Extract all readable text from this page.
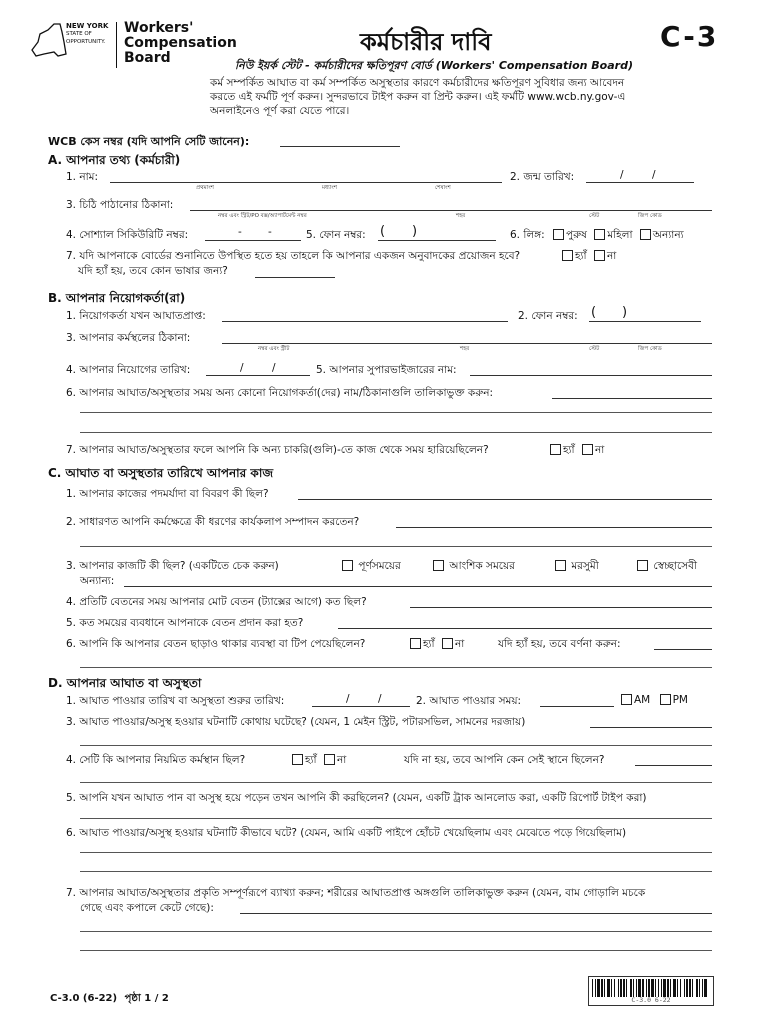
NEW YORK
STATE OF
OPPORTUNITY.
Workers'
Compensation
Board
কর্মচারীর দাবি	C-3
নিউ ইয়র্ক স্টেট - কর্মচারীদের ক্ষতিপূরণ বোর্ড (Workers' Compensation Board)
কর্ম সম্পর্কিত আঘাত বা কর্ম সম্পর্কিত অসুস্থতার কারণে কর্মচারীদের ক্ষতিপূরণ সুবিধার জন্য আবেদন
করতে এই ফর্মটি পূর্ণ করুন। সুন্দরভাবে টাইপ করুন বা প্রিন্ট করুন। এই ফর্মটি www.wcb.ny.gov-এ
অনলাইনেও পূর্ণ করা যেতে পারে।
WCB কেস নম্বর (যদি আপনি সেটি জানেন):
A. আপনার তথ্য (কর্মচারী)
1. নাম:
প্রথমাংশ	মধ্যাংশ	শেষাংশ
2. জন্ম তারিখ:	/	/
3. চিঠি পাঠানোর ঠিকানা:
নম্বর এবং স্ট্রিট/PO বক্স/অ্যাপার্টমেন্ট নম্বর	শহর	স্টেট	জিপ কোড
4. সোশ্যাল সিকিউরিটি নম্বর:	- -	5. ফোন নম্বর: ( )	6. লিঙ্গ:	পুরুষ মহিলা অন্যান্য
7. যদি আপনাকে বোর্ডের শুনানিতে উপস্থিত হতে হয় তাহলে কি আপনার একজন অনুবাদকের প্রয়োজন হবে?	হ্যাঁ না
যদি হ্যাঁ হয়, তবে কোন ভাষার জন্য?
B. আপনার নিয়োগকর্তা(রা)
1. নিয়োগকর্তা যখন আঘাতপ্রাপ্ত:	2. ফোন নম্বর: ( )
3. আপনার কর্মস্থলের ঠিকানা:
নম্বর এবং স্ট্রীট	শহর	স্টেট	জিপ কোড
4. আপনার নিয়োগের তারিখ:	/	/	5. আপনার সুপারভাইজারের নাম:
6. আপনার আঘাত/অসুস্থতার সময় অন্য কোনো নিয়োগকর্তা(দের) নাম/ঠিকানাগুলি তালিকাভুক্ত করুন:
7. আপনার আঘাত/অসুস্থতার ফলে আপনি কি অন্য চাকরি(গুলি)-তে কাজ থেকে সময় হারিয়েছিলেন?	হ্যাঁ না
C. আঘাত বা অসুস্থতার তারিখে আপনার কাজ
1. আপনার কাজের পদমর্যাদা বা বিবরণ কী ছিল?
2. সাধারণত আপনি কর্মক্ষেত্রে কী ধরণের কার্যকলাপ সম্পাদন করতেন?
3. আপনার কাজটি কী ছিল? (একটিতে চেক করুন)	পূর্ণসময়ের	আংশিক সময়ের	মরসুমী	স্বেচ্ছাসেবী
অন্যান্য:
4. প্রতিটি বেতনের সময় আপনার মোট বেতন (ট্যাক্সের আগে) কত ছিল?
5. কত সময়ের ব্যবধানে আপনাকে বেতন প্রদান করা হত?
6. আপনি কি আপনার বেতন ছাড়াও থাকার ব্যবস্থা বা টিপ পেয়েছিলেন?	হ্যাঁ না	যদি হ্যাঁ হয়, তবে বর্ণনা করুন:
D. আপনার আঘাত বা অসুস্থতা
1. আঘাত পাওয়ার তারিখ বা অসুস্থতা শুরুর তারিখ:	/	/	2. আঘাত পাওয়ার সময়:	AM PM
3. আঘাত পাওয়ার/অসুস্থ হওয়ার ঘটনাটি কোথায় ঘটেছে? (যেমন, 1 মেইন স্ট্রিট, পটারসভিল, সামনের দরজায়)
4. সেটি কি আপনার নিয়মিত কর্মস্থান ছিল?	হ্যাঁ না	যদি না হয়, তবে আপনি কেন সেই স্থানে ছিলেন?
5. আপনি যখন আঘাত পান বা অসুস্থ হয়ে পড়েন তখন আপনি কী করছিলেন? (যেমন, একটি ট্রাক আনলোড করা, একটি রিপোর্ট টাইপ করা)
6. আঘাত পাওয়ার/অসুস্থ হওয়ার ঘটনাটি কীভাবে ঘটে? (যেমন, আমি একটি পাইপে হোঁচট খেয়েছিলাম এবং মেঝেতে পড়ে গিয়েছিলাম)
7. আপনার আঘাত/অসুস্থতার প্রকৃতি সম্পূর্ণরূপে ব্যাখ্যা করুন; শরীরের আঘাতপ্রাপ্ত অঙ্গগুলি তালিকাভুক্ত করুন (যেমন, বাম গোড়ালি মচকে
গেছে এবং কপালে কেটে গেছে):
C-3.0 (6-22) পৃষ্ঠা 1 / 2	C-3.0 6-22
